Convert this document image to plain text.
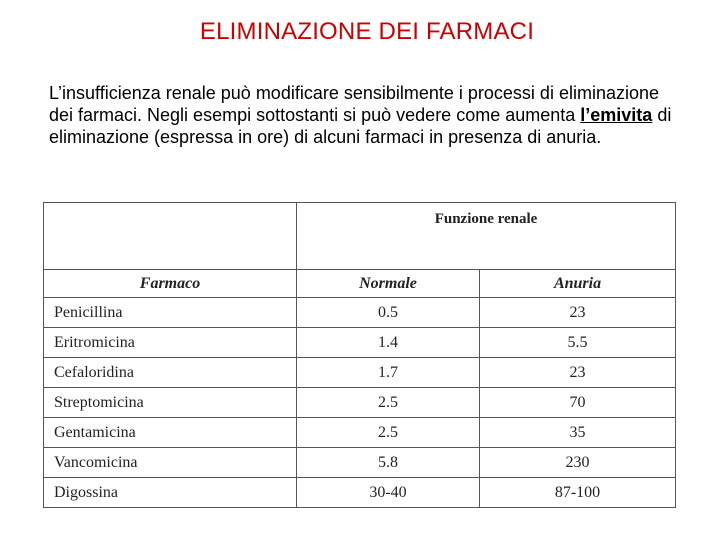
ELIMINAZIONE DEI FARMACI
L’insufficienza renale può modificare sensibilmente i processi di eliminazione dei farmaci. Negli esempi sottostanti si può vedere come aumenta l’emivita di eliminazione (espressa in ore) di alcuni farmaci in presenza di anuria.
	Funzione renale	
Farmaco	Normale	Anuria
Penicillina	0.5	23
Eritromicina	1.4	5.5
Cefaloridina	1.7	23
Streptomicina	2.5	70
Gentamicina	2.5	35
Vancomicina	5.8	230
Digossina	30-40	87-100
